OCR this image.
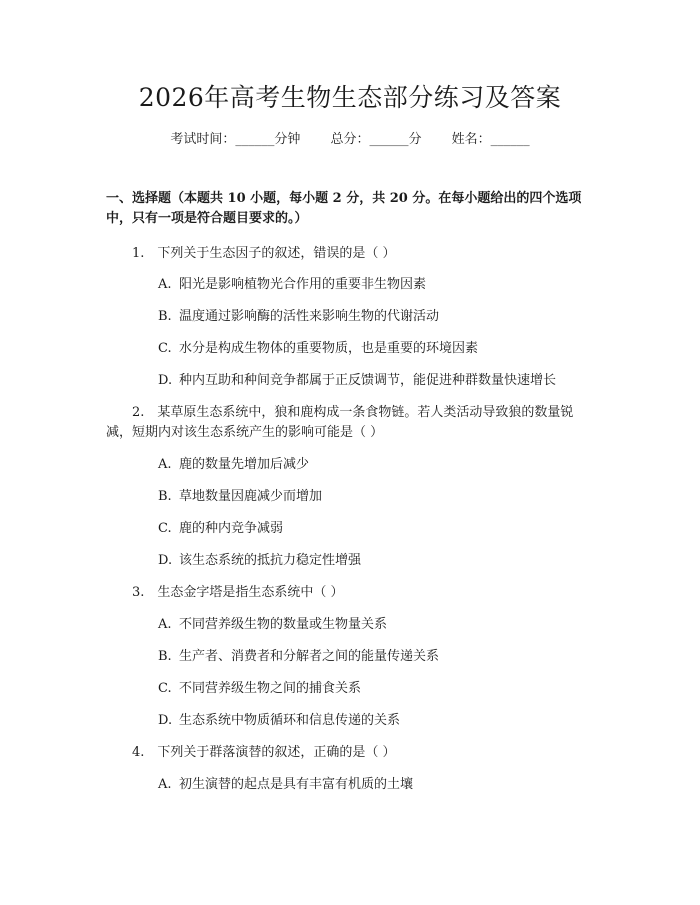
2026年高考生物生态部分练习及答案
考试时间：______分钟 总分：______分 姓名：______
一、选择题（本题共 10 小题，每小题 2 分，共 20 分。在每小题给出的四个选项中，只有一项是符合题目要求的。）
1. 下列关于生态因子的叙述，错误的是（ ）
A. 阳光是影响植物光合作用的重要非生物因素
B. 温度通过影响酶的活性来影响生物的代谢活动
C. 水分是构成生物体的重要物质，也是重要的环境因素
D. 种内互助和种间竞争都属于正反馈调节，能促进种群数量快速增长
2. 某草原生态系统中，狼和鹿构成一条食物链。若人类活动导致狼的数量锐减，短期内对该生态系统产生的影响可能是（ ）
A. 鹿的数量先增加后减少
B. 草地数量因鹿减少而增加
C. 鹿的种内竞争减弱
D. 该生态系统的抵抗力稳定性增强
3. 生态金字塔是指生态系统中（ ）
A. 不同营养级生物的数量或生物量关系
B. 生产者、消费者和分解者之间的能量传递关系
C. 不同营养级生物之间的捕食关系
D. 生态系统中物质循环和信息传递的关系
4. 下列关于群落演替的叙述，正确的是（ ）
A. 初生演替的起点是具有丰富有机质的土壤
